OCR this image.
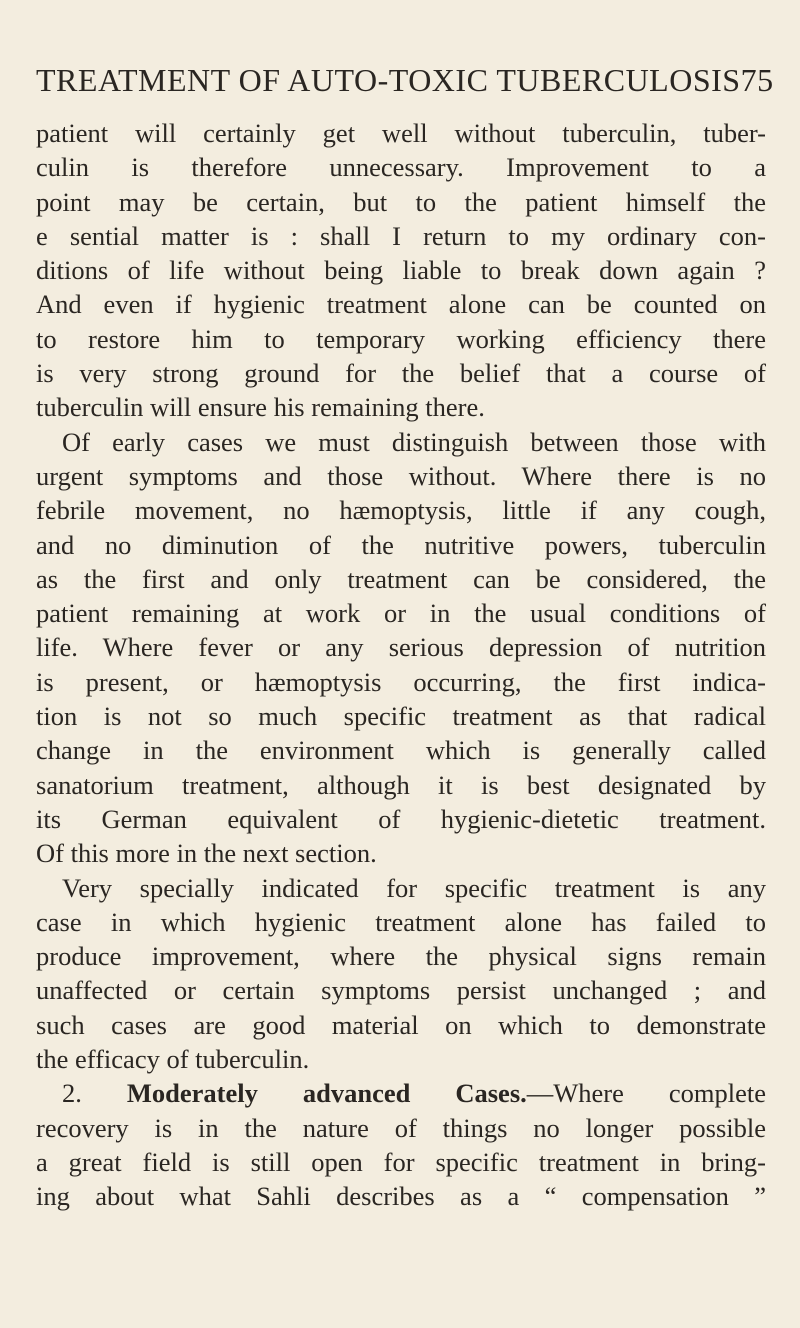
TREATMENT OF AUTO-TOXIC TUBERCULOSIS 75
patient will certainly get well without tuberculin, tuber-
culin is therefore unnecessary. Improvement to a
point may be certain, but to the patient himself the
e sential matter is : shall I return to my ordinary con-
ditions of life without being liable to break down again ?
And even if hygienic treatment alone can be counted on
to restore him to temporary working efficiency there
is very strong ground for the belief that a course of
tuberculin will ensure his remaining there.
Of early cases we must distinguish between those with
urgent symptoms and those without. Where there is no
febrile movement, no hæmoptysis, little if any cough,
and no diminution of the nutritive powers, tuberculin
as the first and only treatment can be considered, the
patient remaining at work or in the usual conditions of
life. Where fever or any serious depression of nutrition
is present, or hæmoptysis occurring, the first indica-
tion is not so much specific treatment as that radical
change in the environment which is generally called
sanatorium treatment, although it is best designated by
its German equivalent of hygienic-dietetic treatment.
Of this more in the next section.
Very specially indicated for specific treatment is any
case in which hygienic treatment alone has failed to
produce improvement, where the physical signs remain
unaffected or certain symptoms persist unchanged ; and
such cases are good material on which to demonstrate
the efficacy of tuberculin.
2. Moderately advanced Cases.—Where complete
recovery is in the nature of things no longer possible
a great field is still open for specific treatment in bring-
ing about what Sahli describes as a “ compensation ”
